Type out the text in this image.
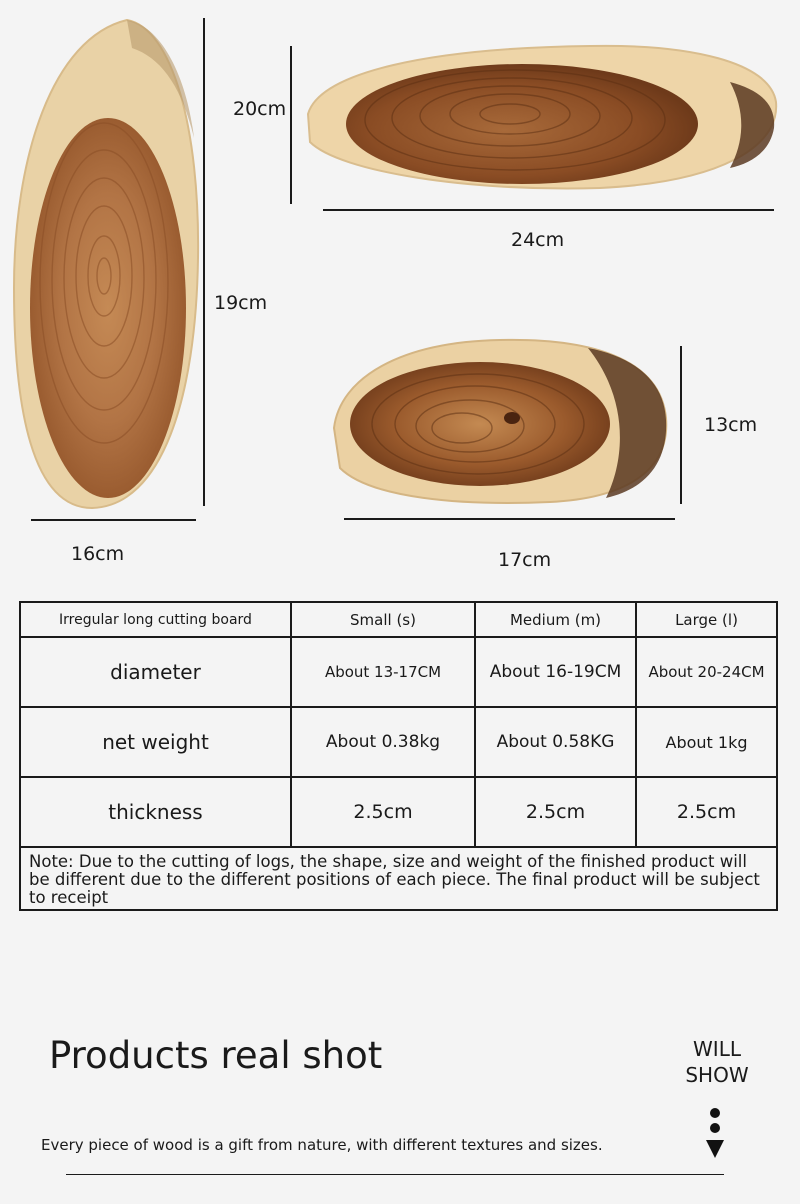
19cm
16cm
20cm
24cm
13cm
17cm
Irregular long cutting board	Small (s)	Medium (m)	Large (l)
diameter	About 13-17CM	About 16-19CM	About 20-24CM
net weight	About 0.38kg	About 0.58KG	About 1kg
thickness	2.5cm	2.5cm	2.5cm
Note: Due to the cutting of logs, the shape, size and weight of the finished product will be different due to the different positions of each piece. The final product will be subject to receipt			
Products real shot
Every piece of wood is a gift from nature, with different textures and sizes.
WILL
SHOW
